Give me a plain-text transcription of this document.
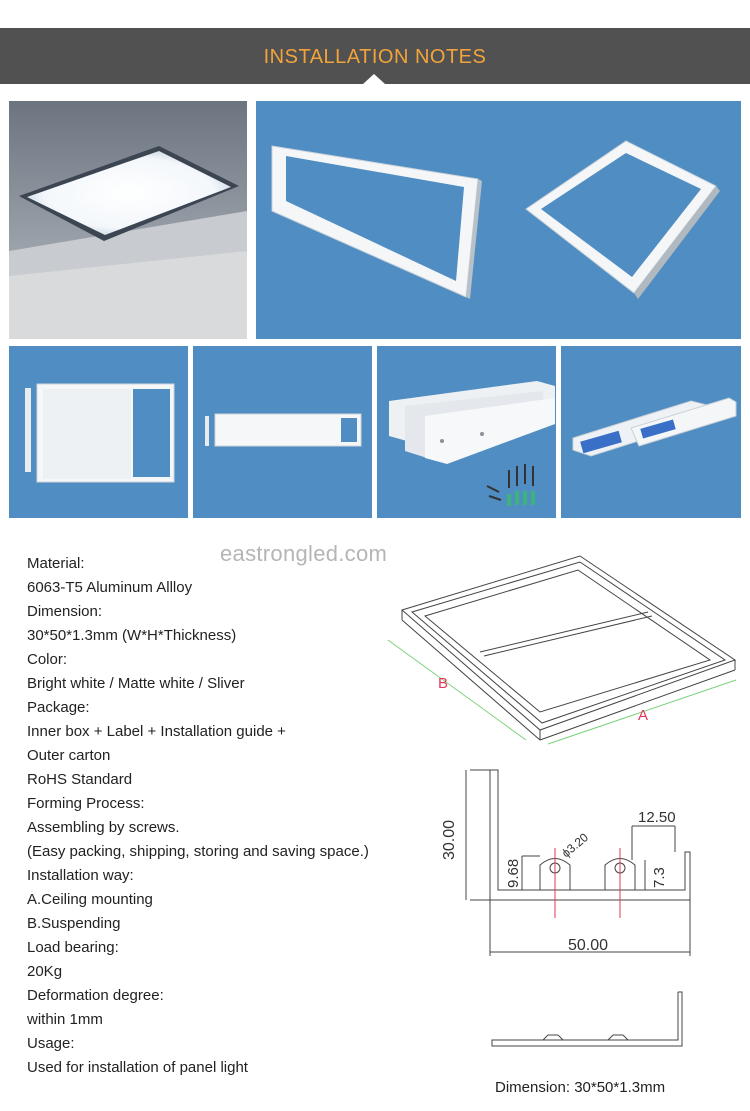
INSTALLATION NOTES
eastrongled.com
Material:
6063-T5 Aluminum Allloy
Dimension:
30*50*1.3mm (W*H*Thickness)
Color:
Bright white / Matte white / Sliver
Package:
Inner box + Label + Installation guide +
Outer carton
RoHS Standard
Forming Process:
Assembling by screws.
(Easy packing, shipping, storing and saving space.)
Installation way:
A.Ceiling mounting
B.Suspending
Load bearing:
20Kg
Deformation degree:
within 1mm
Usage:
Used for installation of panel light
B
A
30.00
50.00
12.50
9.68	7.3
ϕ3.20
Dimension: 30*50*1.3mm
